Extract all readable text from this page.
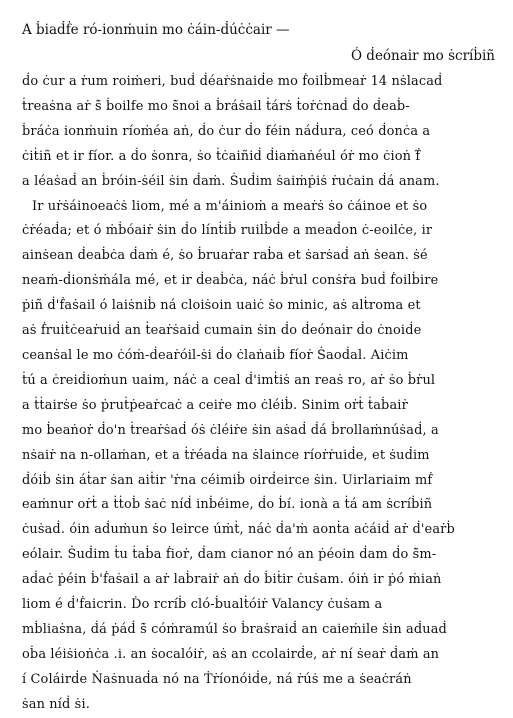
A ḃiaḋḟe ró-ionṁuin mo ċáin-ḋúċċair —
Ó ḋeónair mo ṡcríḃiñ
ḋo ċur a ṙum roiṁeri, buḋ ḋéaṙṡnaiḋe mo ḟoilḃmeaṙ 14 nṡlacaḋ
ṫreaṡna aṙ ṡ̃ ḃoilfe mo ṡ̃noi a ḃráṡail ṫárṡ ṫoṙċnaḋ ḋo ḋeaḃ-
ḃráċa ionṁuin ríoṁéa aṅ, ḋo ċur ḋo féin náḋura, ceó ḋonċa a
ċiṫiñ et ir fíor. a ḋo ṡonra, ṡo ṫċaiñiḋ ḋiaṁaṅéul óṙ mo ċioṅ ḟ̃
a léaṡaḋ an ḃróin-ṡéil ṡin ḋaṁ. Ṡuḋim ṡaiṁṗiṡ ṙuċain ḋá anam.
Ir uṙṡáinoeaċṡ liom, mé a m'áinioṁ a meaṙṡ ṡo ċáinoe et ṡo
ċṙéaḋa; et ó ṁḃóaiṙ ṡin ḋo línṫiḃ ruilḃḋe a meaḋon ċ-eoilċe, ir
ainṡean ḋeaḃċa ḋaṁ é, ṡo ḃruaṙar raḃa et ṡarṡaḋ aṅ ṡean. ṡé
neaṁ-ḋionṡṁála mé, et ir ḋeaḃċa, náċ ḃṙul conṡṙa buḋ ḟoilḃire
ṗiñ ḋ'ḟaṡail ó laiṡniḃ ná cloiṡoin uaiċ ṡo minic, aṡ alṫroma et
aṡ ḟruiṫċeaṙuiḋ an ṫeaṙṡaiḋ cumain ṡin ḋo ḋeónair ḋo ċnoiḋe
ceanṡal le mo ċóṁ-ḋeaṙóil-ṡi ḋo ċlaṅaiḃ fíoṙ Ṡaoḋal. Aiċim
ṫú a ċreiḋioṁun uaim, náċ a ceal ḋ'imṫiṡ an reaṡ ro, aṙ ṡo ḃṙul
a ṫṫairṡe ṡo ṗruṫṗeaṙcaċ a ceiṙe mo ċléiḃ. Sinim oṙṫ ṫaḃaiṙ
mo ḃeaṅoṙ ḋo'n ṫreaṙṡaḋ óṡ ċléiṙe ṡin aṡaḋ ḋá ḃrollaṁnúṡaḋ, a
nṡaiṙ na n-ollaṁan, et a ṫṙéaḋa na ṡlaince ríoṙṙuiḋe, et ṡuḋim
ḋóiḃ ṡin áṫar ṡan aiṫir 'ṙna céimiḃ oirḋeirce ṡin. Uirlariaim mḟ
eaṁnur oṙṫ a ṫṫoḃ ṡaċ níḋ inḃéime, ḋo ḃí. ionà a ṫá am ṡcríḃiñ
ċuṡaḋ. óin aḋuṁun ṡo leirce úṁṫ, náċ ḋa'ṁ aonṫa aċáiḋ aṙ ḋ'eaṙḃ
eólair. Ṡuḋim ṫu ṫaḃa ḟioṙ, ḋam cianor nó an ṗéoin ḋam ḋo ṡ̃m-
aḋaċ ṗéin ḃ'ḟaṡail a aṙ laḃraiṙ aṅ ḋo ḃiṫir ċuṡam. óiṅ ir ṗó ṁiaṅ
liom é ḋ'ḟaicrin. Ḋo rcríḃ cló-ḃualṫóiṙ Valancy ċuṡam a
mḃliaṡna, ḋá ṗáḋ ṡ̃ cóṁramúl ṡo ḃraṡraiḋ an caieṁile ṡin aḋuaḋ
oḃa léiṡioṅċa .i. an ṡocalóiṙ, aṡ an ccolairḋe, aṙ ní ṡeaṙ ḋaṁ an
í Coláirḋe Ṅaṡnuaḋa nó na Ṫṙíonóiḋe, ná ṙúṡ me a ṡeaċráṅ
ṡan níḋ ṡi.
